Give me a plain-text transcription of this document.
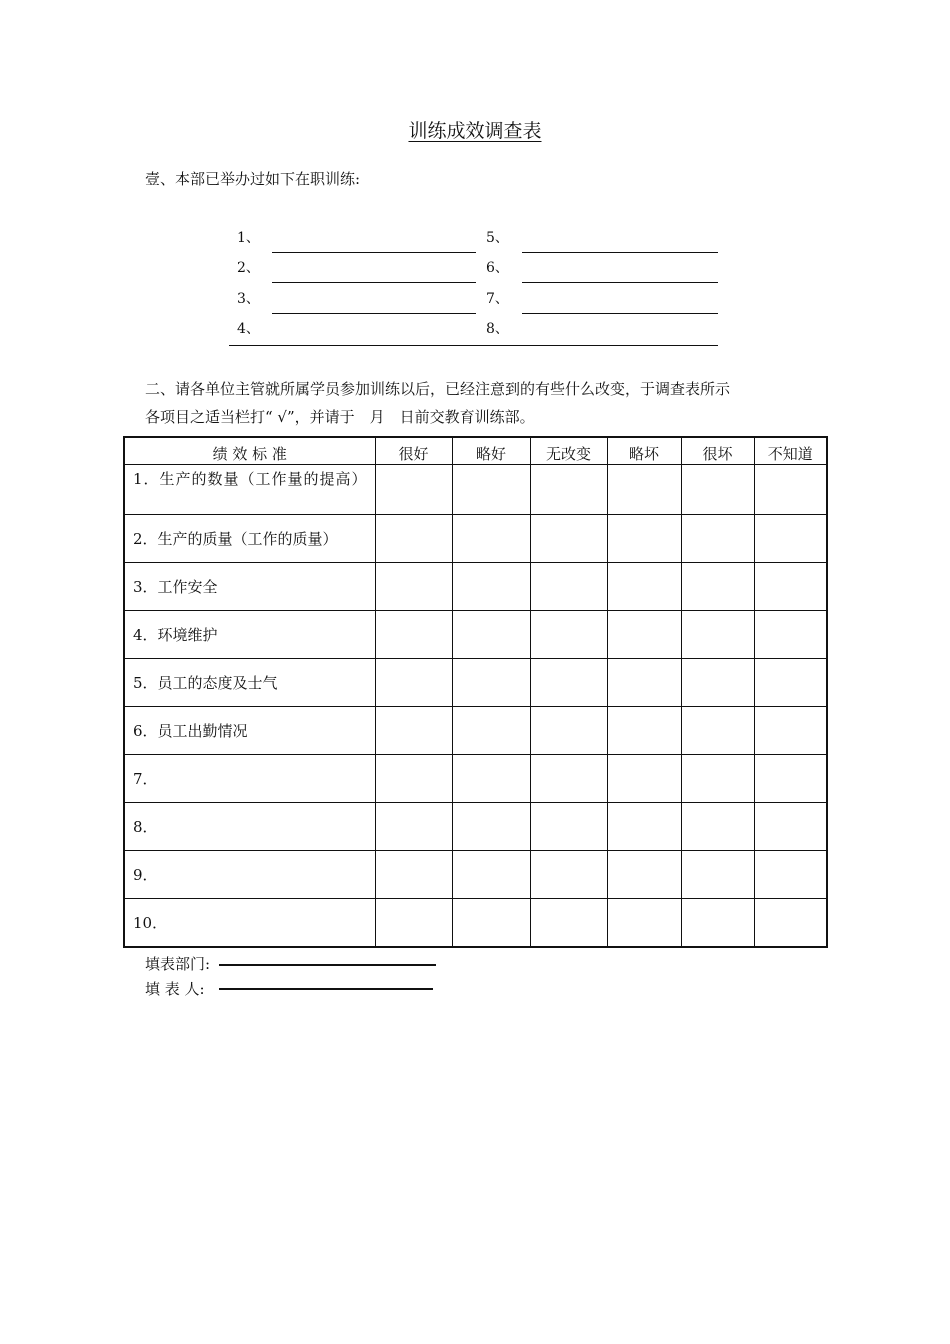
训练成效调查表
壹、本部已举办过如下在职训练:
1、
2、
3、
4、
5、
6、
7、
8、
二、请各单位主管就所属学员参加训练以后，已经注意到的有些什么改变，于调查表所示
各项目之适当栏打“ √”，并请于　月　日前交教育训练部。
绩 效 标 准	很好	略好	无改变	略坏	很坏	不知道
1．生产的数量（工作量的提高）						
2．生产的质量（工作的质量）						
3．工作安全						
4．环境维护						
5．员工的态度及士气						
6．员工出勤情况						
7．						
8．						
9．						
10．						
填表部门:
填 表 人:
